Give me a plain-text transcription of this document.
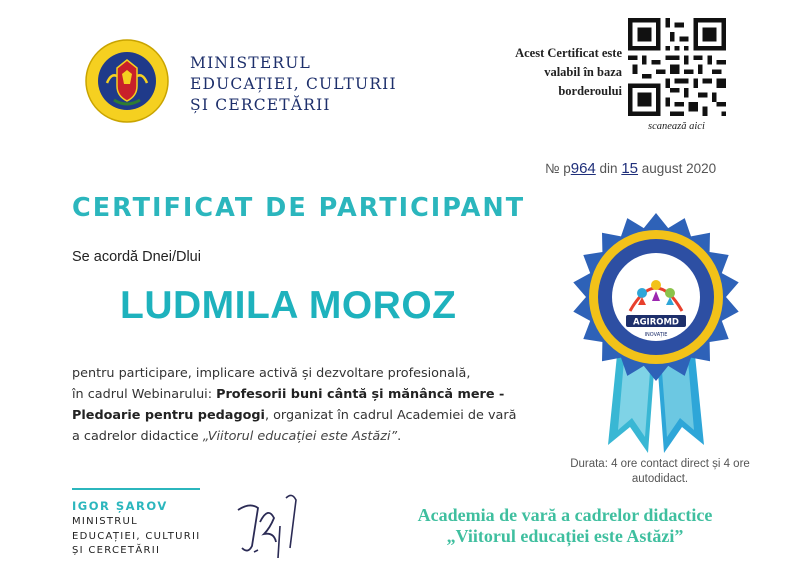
MINISTERUL
EDUCAȚIEI, CULTURII
ȘI CERCETĂRII
Acest Certificat este
valabil în baza
borderoului
scanează aici
№ p964 din 15 august 2020
CERTIFICAT DE PARTICIPANT
Se acordă Dnei/Dlui
LUDMILA MOROZ
pentru participare, implicare activă și dezvoltare profesională,
în cadrul Webinarului: Profesorii buni cântă și mănâncă mere -
Pledoarie pentru pedagogi, organizat în cadrul Academiei de vară
a cadrelor didactice „Viitorul educației este Astăzi”.
AGIROMD
INOVAȚIE
Durata: 4 ore contact direct și 4 ore autodidact.
IGOR ȘAROV
MINISTRUL
EDUCAȚIEI, CULTURII
ȘI CERCETĂRII
Academia de vară a cadrelor didactice
„Viitorul educației este Astăzi”
